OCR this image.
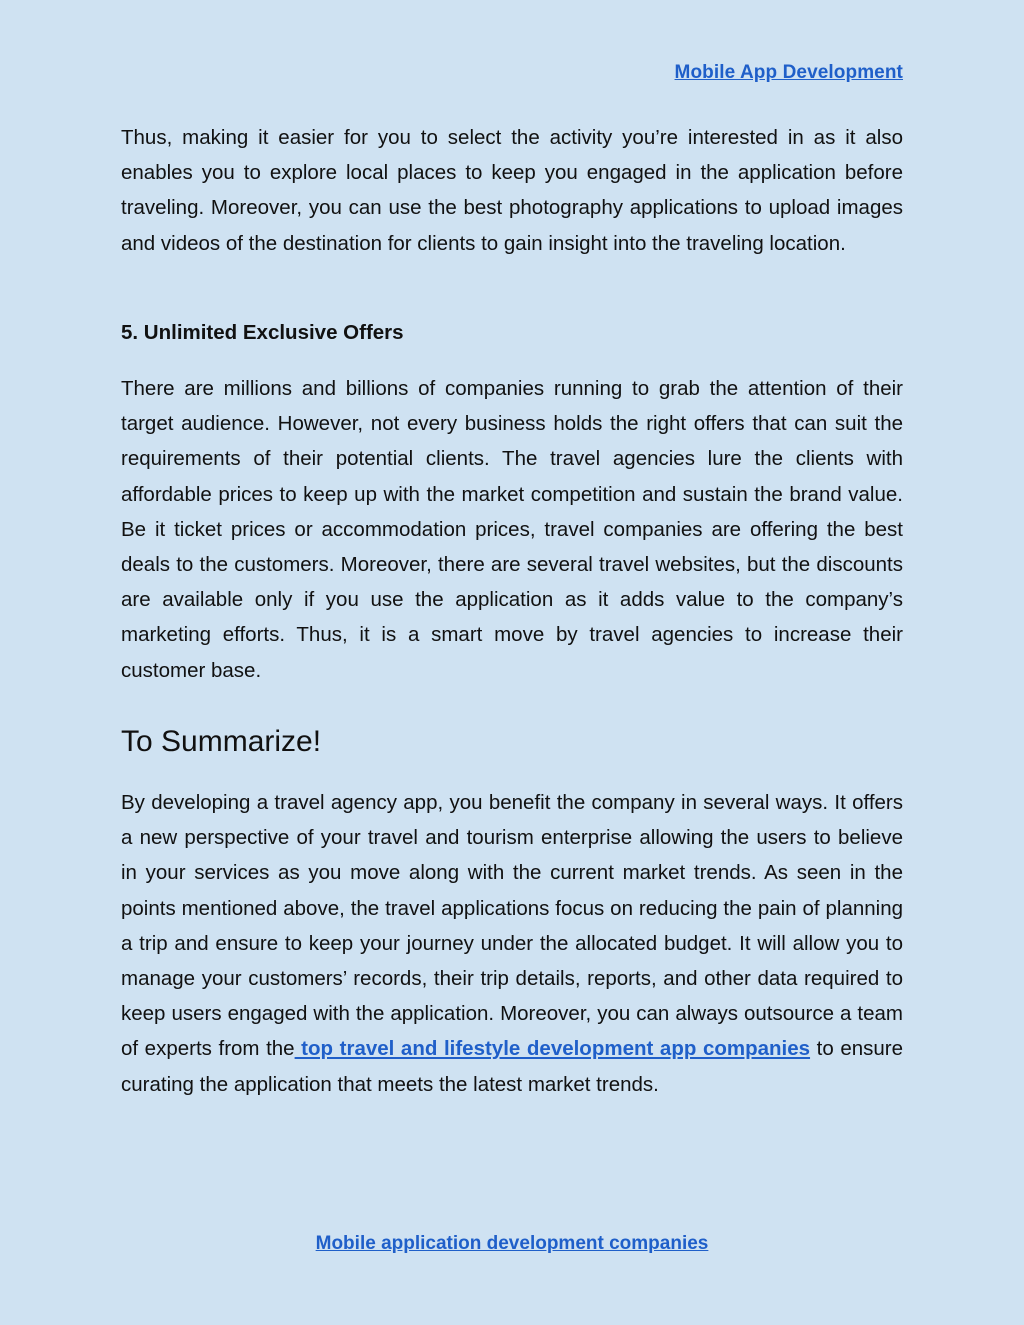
Mobile App Development

Thus, making it easier for you to select the activity you’re interested in as it also enables you to explore local places to keep you engaged in the application before traveling. Moreover, you can use the best photography applications to upload images and videos of the destination for clients to gain insight into the traveling location.

5. Unlimited Exclusive Offers

There are millions and billions of companies running to grab the attention of their target audience. However, not every business holds the right offers that can suit the requirements of their potential clients. The travel agencies lure the clients with affordable prices to keep up with the market competition and sustain the brand value. Be it ticket prices or accommodation prices, travel companies are offering the best deals to the customers. Moreover, there are several travel websites, but the discounts are available only if you use the application as it adds value to the company’s marketing efforts. Thus, it is a smart move by travel agencies to increase their customer base.

To Summarize!

By developing a travel agency app, you benefit the company in several ways. It offers a new perspective of your travel and tourism enterprise allowing the users to believe in your services as you move along with the current market trends. As seen in the points mentioned above, the travel applications focus on reducing the pain of planning a trip and ensure to keep your journey under the allocated budget. It will allow you to manage your customers’ records, their trip details, reports, and other data required to keep users engaged with the application. Moreover, you can always outsource a team of experts from the top travel and lifestyle development app companies to ensure curating the application that meets the latest market trends.

Mobile application development companies
